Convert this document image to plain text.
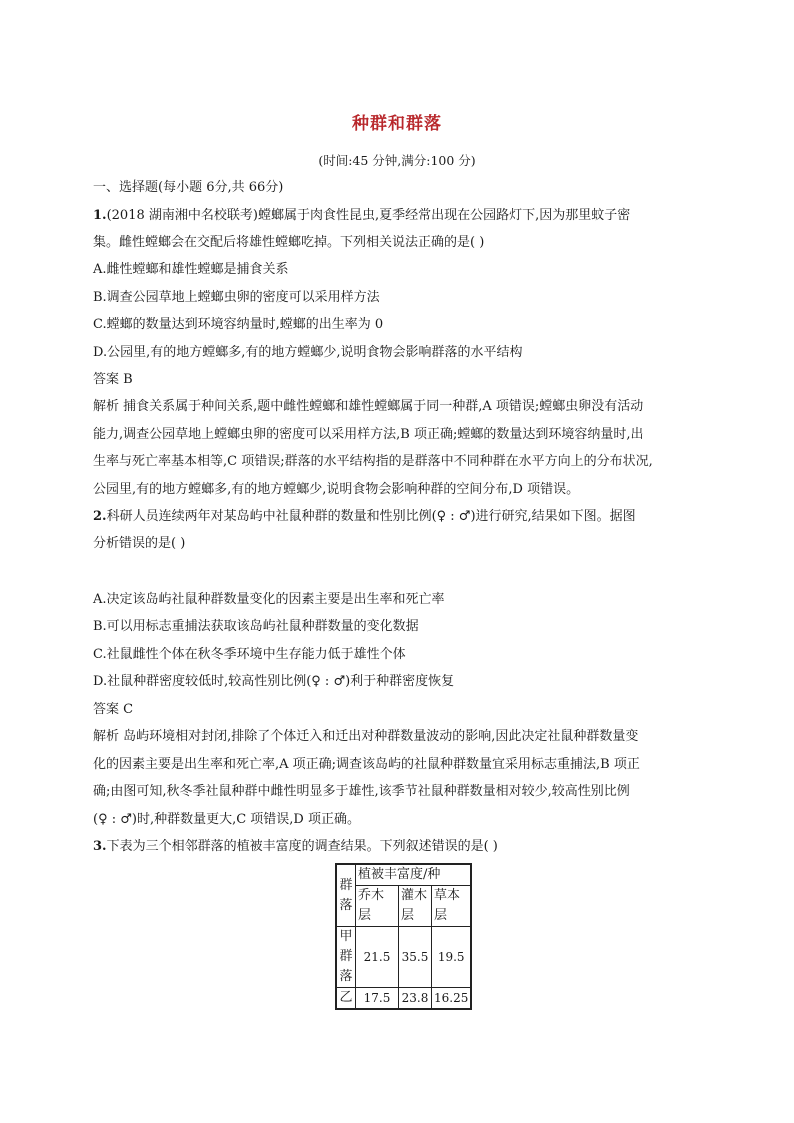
种群和群落
(时间:45 分钟,满分:100 分)
一、选择题(每小题 6分,共 66分)
1.(2018 湖南湘中名校联考)螳螂属于肉食性昆虫,夏季经常出现在公园路灯下,因为那里蚊子密
集。雌性螳螂会在交配后将雄性螳螂吃掉。下列相关说法正确的是( )
A.雌性螳螂和雄性螳螂是捕食关系
B.调查公园草地上螳螂虫卵的密度可以采用样方法
C.螳螂的数量达到环境容纳量时,螳螂的出生率为 0
D.公园里,有的地方螳螂多,有的地方螳螂少,说明食物会影响群落的水平结构
答案 B
解析 捕食关系属于种间关系,题中雌性螳螂和雄性螳螂属于同一种群,A 项错误;螳螂虫卵没有活动
能力,调查公园草地上螳螂虫卵的密度可以采用样方法,B 项正确;螳螂的数量达到环境容纳量时,出
生率与死亡率基本相等,C 项错误;群落的水平结构指的是群落中不同种群在水平方向上的分布状况,
公园里,有的地方螳螂多,有的地方螳螂少,说明食物会影响种群的空间分布,D 项错误。
2.科研人员连续两年对某岛屿中社鼠种群的数量和性别比例(♀ : ♂)进行研究,结果如下图。据图
分析错误的是( )
A.决定该岛屿社鼠种群数量变化的因素主要是出生率和死亡率
B.可以用标志重捕法获取该岛屿社鼠种群数量的变化数据
C.社鼠雌性个体在秋冬季环境中生存能力低于雄性个体
D.社鼠种群密度较低时,较高性别比例(♀ : ♂)利于种群密度恢复
答案 C
解析 岛屿环境相对封闭,排除了个体迁入和迁出对种群数量波动的影响,因此决定社鼠种群数量变
化的因素主要是出生率和死亡率,A 项正确;调查该岛屿的社鼠种群数量宜采用标志重捕法,B 项正
确;由图可知,秋冬季社鼠种群中雌性明显多于雄性,该季节社鼠种群数量相对较少,较高性别比例
(♀ : ♂)时,种群数量更大,C 项错误,D 项正确。
3.下表为三个相邻群落的植被丰富度的调查结果。下列叙述错误的是( )
群落	植被丰富度/种		
	乔木层	灌木层	草本层
甲群落	21.5	35.5	19.5
乙	17.5	23.8	16.25
